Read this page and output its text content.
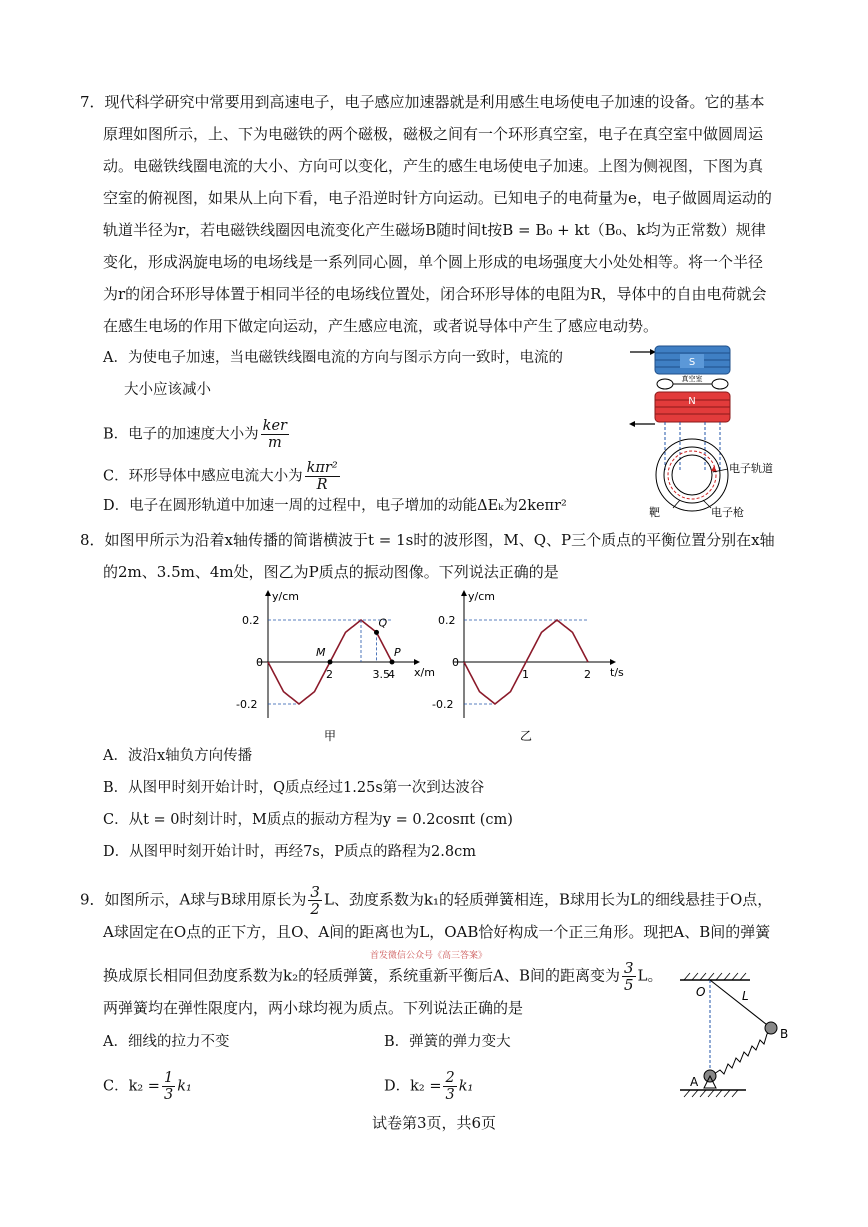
7．现代科学研究中常要用到高速电子，电子感应加速器就是利用感生电场使电子加速的设备。它的基本
原理如图所示，上、下为电磁铁的两个磁极，磁极之间有一个环形真空室，电子在真空室中做圆周运
动。电磁铁线圈电流的大小、方向可以变化，产生的感生电场使电子加速。上图为侧视图，下图为真
空室的俯视图，如果从上向下看，电子沿逆时针方向运动。已知电子的电荷量为e，电子做圆周运动的
轨道半径为r，若电磁铁线圈因电流变化产生磁场B随时间t按B = B₀ + kt（B₀、k均为正常数）规律
变化，形成涡旋电场的电场线是一系列同心圆，单个圆上形成的电场强度大小处处相等。将一个半径
为r的闭合环形导体置于相同半径的电场线位置处，闭合环形导体的电阻为R，导体中的自由电荷就会
在感生电场的作用下做定向运动，产生感应电流，或者说导体中产生了感应电动势。
A．为使电子加速，当电磁铁线圈电流的方向与图示方向一致时，电流的
大小应该减小
B．电子的加速度大小为 $\frac{\text{ker}}{m}$
C．环形导体中感应电流大小为 $\frac{\text{kπr²}}{R}$
D．电子在圆形轨道中加速一周的过程中，电子增加的动能ΔEₖ为2keπr²
S
真空室
N
电子轨道
靶	电子枪
8．如图甲所示为沿着x轴传播的简谐横波于t = 1s时的波形图，M、Q、P三个质点的平衡位置分别在x轴
的2m、3.5m、4m处，图乙为P质点的振动图像。下列说法正确的是
y/cm
x/m
0.2
0
-0.2
2	3.5
4
M
Q
P
甲
y/cm
t/s
0.2
0
-0.2
1	2
乙
A．波沿x轴负方向传播
B．从图甲时刻开始计时，Q质点经过1.25s第一次到达波谷
C．从t = 0时刻计时，M质点的振动方程为y = 0.2cosπt (cm)
D．从图甲时刻开始计时，再经7s，P质点的路程为2.8cm
9．如图所示，A球与B球用原长为 $\frac{3}{2}$ L、劲度系数为k₁的轻质弹簧相连，B球用长为L的细线悬挂于O点，
A球固定在O点的正下方，且O、A间的距离也为L，OAB恰好构成一个正三角形。现把A、B间的弹簧
换成原长相同但劲度系数为k₂的轻质弹簧，系统重新平衡后A、B间的距离变为 $\frac{3}{5}$ L。
两弹簧均在弹性限度内，两小球均视为质点。下列说法正确的是
A．细线的拉力不变	B．弹簧的弹力变大
C．$k_2 = \frac{1}{3} k_1$	D．$k_2 = \frac{2}{3} k_1$
首发微信公众号《高三答案》
O	L
B
A
试卷第3页，共6页
